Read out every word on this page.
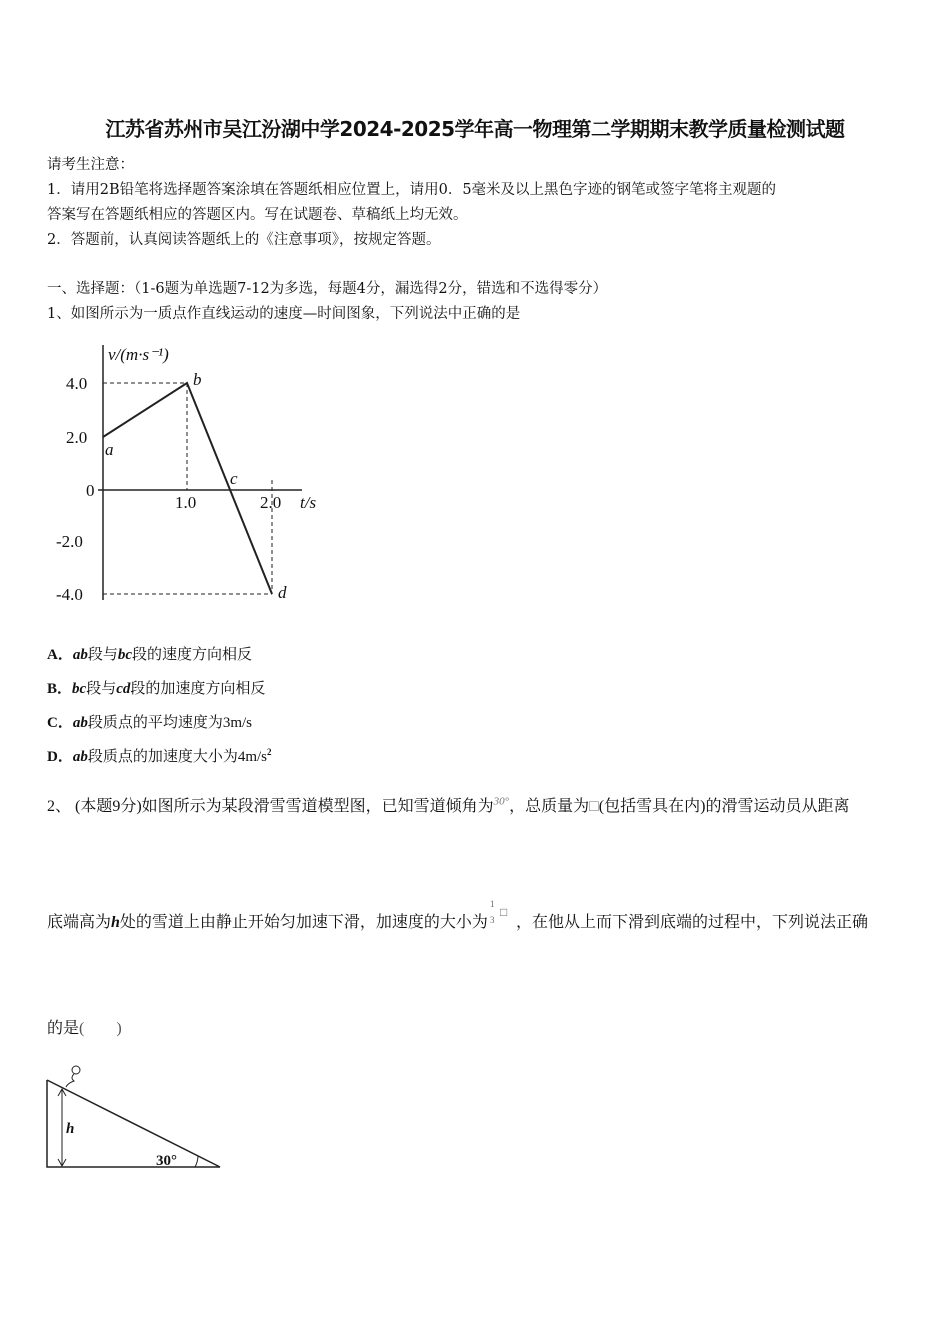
江苏省苏州市吴江汾湖中学2024-2025学年高一物理第二学期期末教学质量检测试题
请考生注意：
1．请用2B铅笔将选择题答案涂填在答题纸相应位置上，请用0．5毫米及以上黑色字迹的钢笔或签字笔将主观题的
答案写在答题纸相应的答题区内。写在试题卷、草稿纸上均无效。
2．答题前，认真阅读答题纸上的《注意事项》，按规定答题。
一、选择题：（1-6题为单选题7-12为多选，每题4分，漏选得2分，错选和不选得零分）
1、如图所示为一质点作直线运动的速度—时间图象，下列说法中正确的是
v/(m·s⁻¹)
4.0
2.0
0
-2.0
-4.0
1.0	2.0 t/s
a
b
c
d
A．ab段与bc段的速度方向相反
B．bc段与cd段的加速度方向相反
C．ab段质点的平均速度为3m/s
D．ab段质点的加速度大小为$4m/s^2$
2、 (本题9分)如图所示为某段滑雪雪道模型图，已知雪道倾角为$^{30^\circ}$，总质量为□(包括雪具在内)的滑雪运动员从距离
底端高为h处的雪道上由静止开始匀加速下滑，加速度的大小为
1
3
□
，在他从上而下滑到底端的过程中，下列说法正确
的是(　　)
h
30°
